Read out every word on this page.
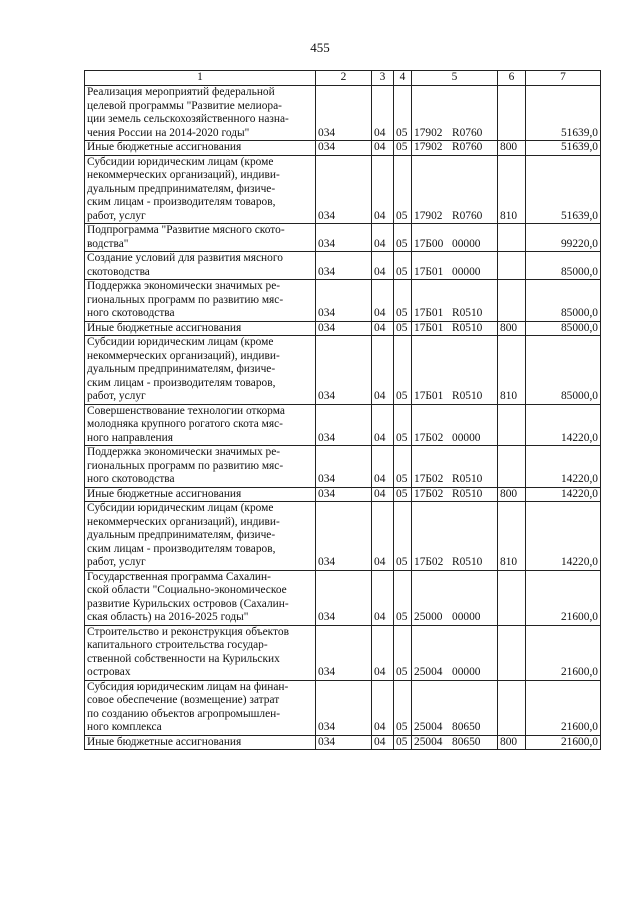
455
1	2	3	4	5	6	7
Реализация мероприятий федеральной
целевой программы "Развитие мелиора-
ции земель сельскохозяйственного назна-
чения России на 2014-2020 годы"	034	04	05	17902 R0760		51639,0
Иные бюджетные ассигнования	034	04	05	17902 R0760	800	51639,0
Субсидии юридическим лицам (кроме
некоммерческих организаций), индиви-
дуальным предпринимателям, физиче-
ским лицам - производителям товаров,
работ, услуг	034	04	05	17902 R0760	810	51639,0
Подпрограмма "Развитие мясного ското-
водства"	034	04	05	17Б00 00000		99220,0
Создание условий для развития мясного
скотоводства	034	04	05	17Б01 00000		85000,0
Поддержка экономически значимых ре-
гиональных программ по развитию мяс-
ного скотоводства	034	04	05	17Б01 R0510		85000,0
Иные бюджетные ассигнования	034	04	05	17Б01 R0510	800	85000,0
Субсидии юридическим лицам (кроме
некоммерческих организаций), индиви-
дуальным предпринимателям, физиче-
ским лицам - производителям товаров,
работ, услуг	034	04	05	17Б01 R0510	810	85000,0
Совершенствование технологии откорма
молодняка крупного рогатого скота мяс-
ного направления	034	04	05	17Б02 00000		14220,0
Поддержка экономически значимых ре-
гиональных программ по развитию мяс-
ного скотоводства	034	04	05	17Б02 R0510		14220,0
Иные бюджетные ассигнования	034	04	05	17Б02 R0510	800	14220,0
Субсидии юридическим лицам (кроме
некоммерческих организаций), индиви-
дуальным предпринимателям, физиче-
ским лицам - производителям товаров,
работ, услуг	034	04	05	17Б02 R0510	810	14220,0
Государственная программа Сахалин-
ской области "Социально-экономическое
развитие Курильских островов (Сахалин-
ская область) на 2016-2025 годы"	034	04	05	25000 00000		21600,0
Строительство и реконструкция объектов
капитального строительства государ-
ственной собственности на Курильских
островах	034	04	05	25004 00000		21600,0
Субсидия юридическим лицам на финан-
совое обеспечение (возмещение) затрат
по созданию объектов агропромышлен-
ного комплекса	034	04	05	25004 80650		21600,0
Иные бюджетные ассигнования	034	04	05	25004 80650	800	21600,0
